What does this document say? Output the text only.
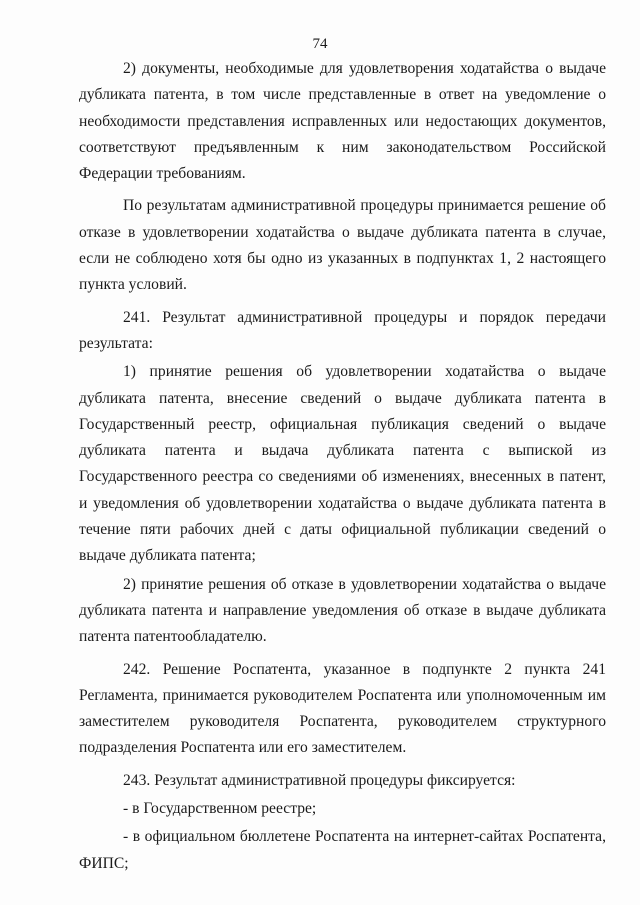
74

2) документы, необходимые для удовлетворения ходатайства о выдаче дубликата патента, в том числе представленные в ответ на уведомление о необходимости представления исправленных или недостающих документов, соответствуют предъявленным к ним законодательством Российской Федерации требованиям.

По результатам административной процедуры принимается решение об отказе в удовлетворении ходатайства о выдаче дубликата патента в случае, если не соблюдено хотя бы одно из указанных в подпунктах 1, 2 настоящего пункта условий.

241. Результат административной процедуры и порядок передачи результата:

1) принятие решения об удовлетворении ходатайства о выдаче дубликата патента, внесение сведений о выдаче дубликата патента в Государственный реестр, официальная публикация сведений о выдаче дубликата патента и выдача дубликата патента с выпиской из Государственного реестра со сведениями об изменениях, внесенных в патент, и уведомления об удовлетворении ходатайства о выдаче дубликата патента в течение пяти рабочих дней с даты официальной публикации сведений о выдаче дубликата патента;

2) принятие решения об отказе в удовлетворении ходатайства о выдаче дубликата патента и направление уведомления об отказе в выдаче дубликата патента патентообладателю.

242. Решение Роспатента, указанное в подпункте 2 пункта 241 Регламента, принимается руководителем Роспатента или уполномоченным им заместителем руководителя Роспатента, руководителем структурного подразделения Роспатента или его заместителем.

243. Результат административной процедуры фиксируется:

- в Государственном реестре;

- в официальном бюллетене Роспатента на интернет-сайтах Роспатента, ФИПС;
